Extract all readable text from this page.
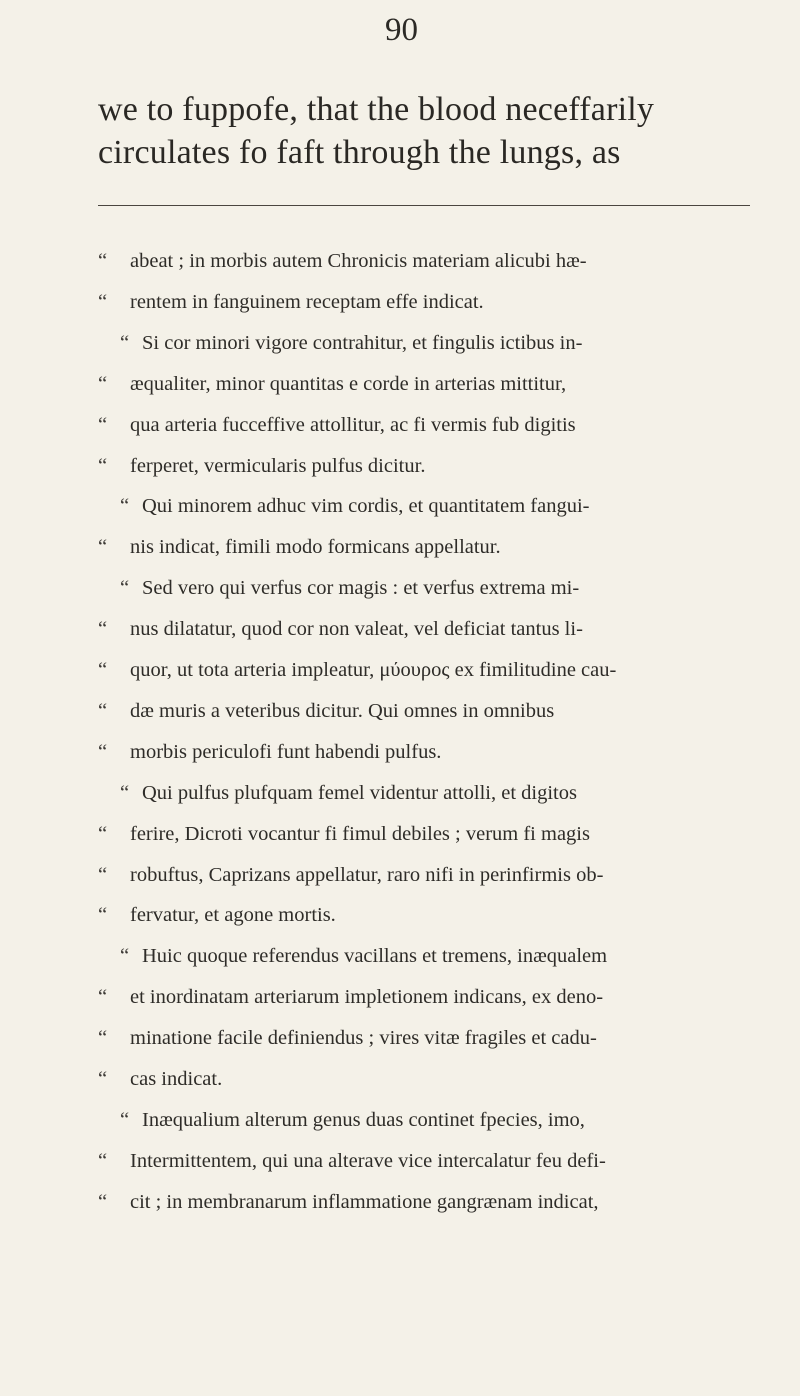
90
we to fuppofe, that the blood neceffarily
circulates fo faft through the lungs, as
“ abeat ; in morbis autem Chronicis materiam alicubi hæ-
“ rentem in fanguinem receptam effe indicat.
“ Si cor minori vigore contrahitur, et fingulis ictibus in-
“ æqualiter, minor quantitas e corde in arterias mittitur,
“ qua arteria fucceffive attollitur, ac fi vermis fub digitis
“ ferperet, vermicularis pulfus dicitur.
“ Qui minorem adhuc vim cordis, et quantitatem fangui-
“ nis indicat, fimili modo formicans appellatur.
“ Sed vero qui verfus cor magis : et verfus extrema mi-
“ nus dilatatur, quod cor non valeat, vel deficiat tantus li-
“ quor, ut tota arteria impleatur, μύουρος ex fimilitudine cau-
“ dæ muris a veteribus dicitur. Qui omnes in omnibus
“ morbis periculofi funt habendi pulfus.
“ Qui pulfus plufquam femel videntur attolli, et digitos
“ ferire, Dicroti vocantur fi fimul debiles ; verum fi magis
“ robuftus, Caprizans appellatur, raro nifi in perinfirmis ob-
“ fervatur, et agone mortis.
“ Huic quoque referendus vacillans et tremens, inæqualem
“ et inordinatam arteriarum impletionem indicans, ex deno-
“ minatione facile definiendus ; vires vitæ fragiles et cadu-
“ cas indicat.
“ Inæqualium alterum genus duas continet fpecies, imo,
“ Intermittentem, qui una alterave vice intercalatur feu defi-
“ cit ; in membranarum inflammatione gangrænam indicat,
